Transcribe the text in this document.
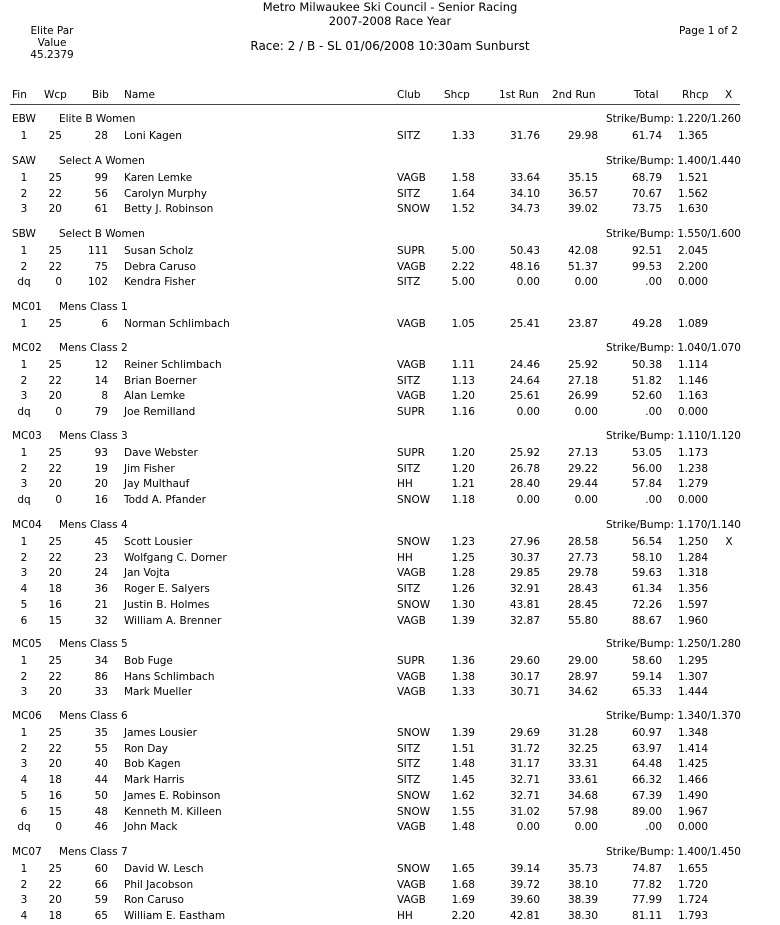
Metro Milwaukee Ski Council - Senior Racing
2007-2008 Race Year
Race: 2 / B - SL 01/06/2008 10:30am Sunburst
Elite Par
Value
45.2379
Page 1 of 2
Fin Wcp Bib Name	Club Shcp	1st Run 2nd Run	Total Rhcp X
EBW Elite B Women	Strike/Bump: 1.220/1.260
1 25	28 Loni Kagen	SITZ	1.33	31.76	29.98	61.74 1.365
SAW Select A Women	Strike/Bump: 1.400/1.440
1 25	99 Karen Lemke	VAGB 1.58	33.64	35.15	68.79 1.521
2 22	56 Carolyn Murphy	SITZ	1.64	34.10	36.57	70.67 1.562
3 20	61 Betty J. Robinson	SNOW 1.52	34.73	39.02	73.75 1.630
SBW Select B Women	Strike/Bump: 1.550/1.600
1 25 111 Susan Scholz	SUPR	5.00	50.43	42.08	92.51 2.045
2 22	75 Debra Caruso	VAGB 2.22	48.16	51.37	99.53 2.200
dq 0 102 Kendra Fisher	SITZ	5.00	0.00	0.00	.00 0.000
MC01 Mens Class 1
1 25	6 Norman Schlimbach	VAGB 1.05	25.41	23.87	49.28 1.089
MC02 Mens Class 2	Strike/Bump: 1.040/1.070
1 25	12 Reiner Schlimbach	VAGB 1.11	24.46	25.92	50.38 1.114
2 22	14 Brian Boerner	SITZ	1.13	24.64	27.18	51.82 1.146
3 20	8 Alan Lemke	VAGB 1.20	25.61	26.99	52.60 1.163
dq 0	79 Joe Remilland	SUPR	1.16	0.00	0.00	.00 0.000
MC03 Mens Class 3	Strike/Bump: 1.110/1.120
1 25	93 Dave Webster	SUPR	1.20	25.92	27.13	53.05 1.173
2 22	19 Jim Fisher	SITZ	1.20	26.78	29.22	56.00 1.238
3 20	20 Jay Multhauf	HH	1.21	28.40	29.44	57.84 1.279
dq 0	16 Todd A. Pfander	SNOW 1.18	0.00	0.00	.00 0.000
MC04 Mens Class 4	Strike/Bump: 1.170/1.140
1 25	45 Scott Lousier	SNOW 1.23	27.96	28.58	56.54 1.250 X
2 22	23 Wolfgang C. Dorner	HH	1.25	30.37	27.73	58.10 1.284
3 20	24 Jan Vojta	VAGB 1.28	29.85	29.78	59.63 1.318
4 18	36 Roger E. Salyers	SITZ	1.26	32.91	28.43	61.34 1.356
5 16	21 Justin B. Holmes	SNOW 1.30	43.81	28.45	72.26 1.597
6 15	32 William A. Brenner	VAGB 1.39	32.87	55.80	88.67 1.960
MC05 Mens Class 5	Strike/Bump: 1.250/1.280
1 25	34 Bob Fuge	SUPR	1.36	29.60	29.00	58.60 1.295
2 22	86 Hans Schlimbach	VAGB 1.38	30.17	28.97	59.14 1.307
3 20	33 Mark Mueller	VAGB 1.33	30.71	34.62	65.33 1.444
MC06 Mens Class 6	Strike/Bump: 1.340/1.370
1 25	35 James Lousier	SNOW 1.39	29.69	31.28	60.97 1.348
2 22	55 Ron Day	SITZ	1.51	31.72	32.25	63.97 1.414
3 20	40 Bob Kagen	SITZ	1.48	31.17	33.31	64.48 1.425
4 18	44 Mark Harris	SITZ	1.45	32.71	33.61	66.32 1.466
5 16	50 James E. Robinson	SNOW 1.62	32.71	34.68	67.39 1.490
6 15	48 Kenneth M. Killeen	SNOW 1.55	31.02	57.98	89.00 1.967
dq 0	46 John Mack	VAGB 1.48	0.00	0.00	.00 0.000
MC07 Mens Class 7	Strike/Bump: 1.400/1.450
1 25	60 David W. Lesch	SNOW 1.65	39.14	35.73	74.87 1.655
2 22	66 Phil Jacobson	VAGB 1.68	39.72	38.10	77.82 1.720
3 20	59 Ron Caruso	VAGB 1.69	39.60	38.39	77.99 1.724
4 18	65 William E. Eastham	HH	2.20	42.81	38.30	81.11 1.793
